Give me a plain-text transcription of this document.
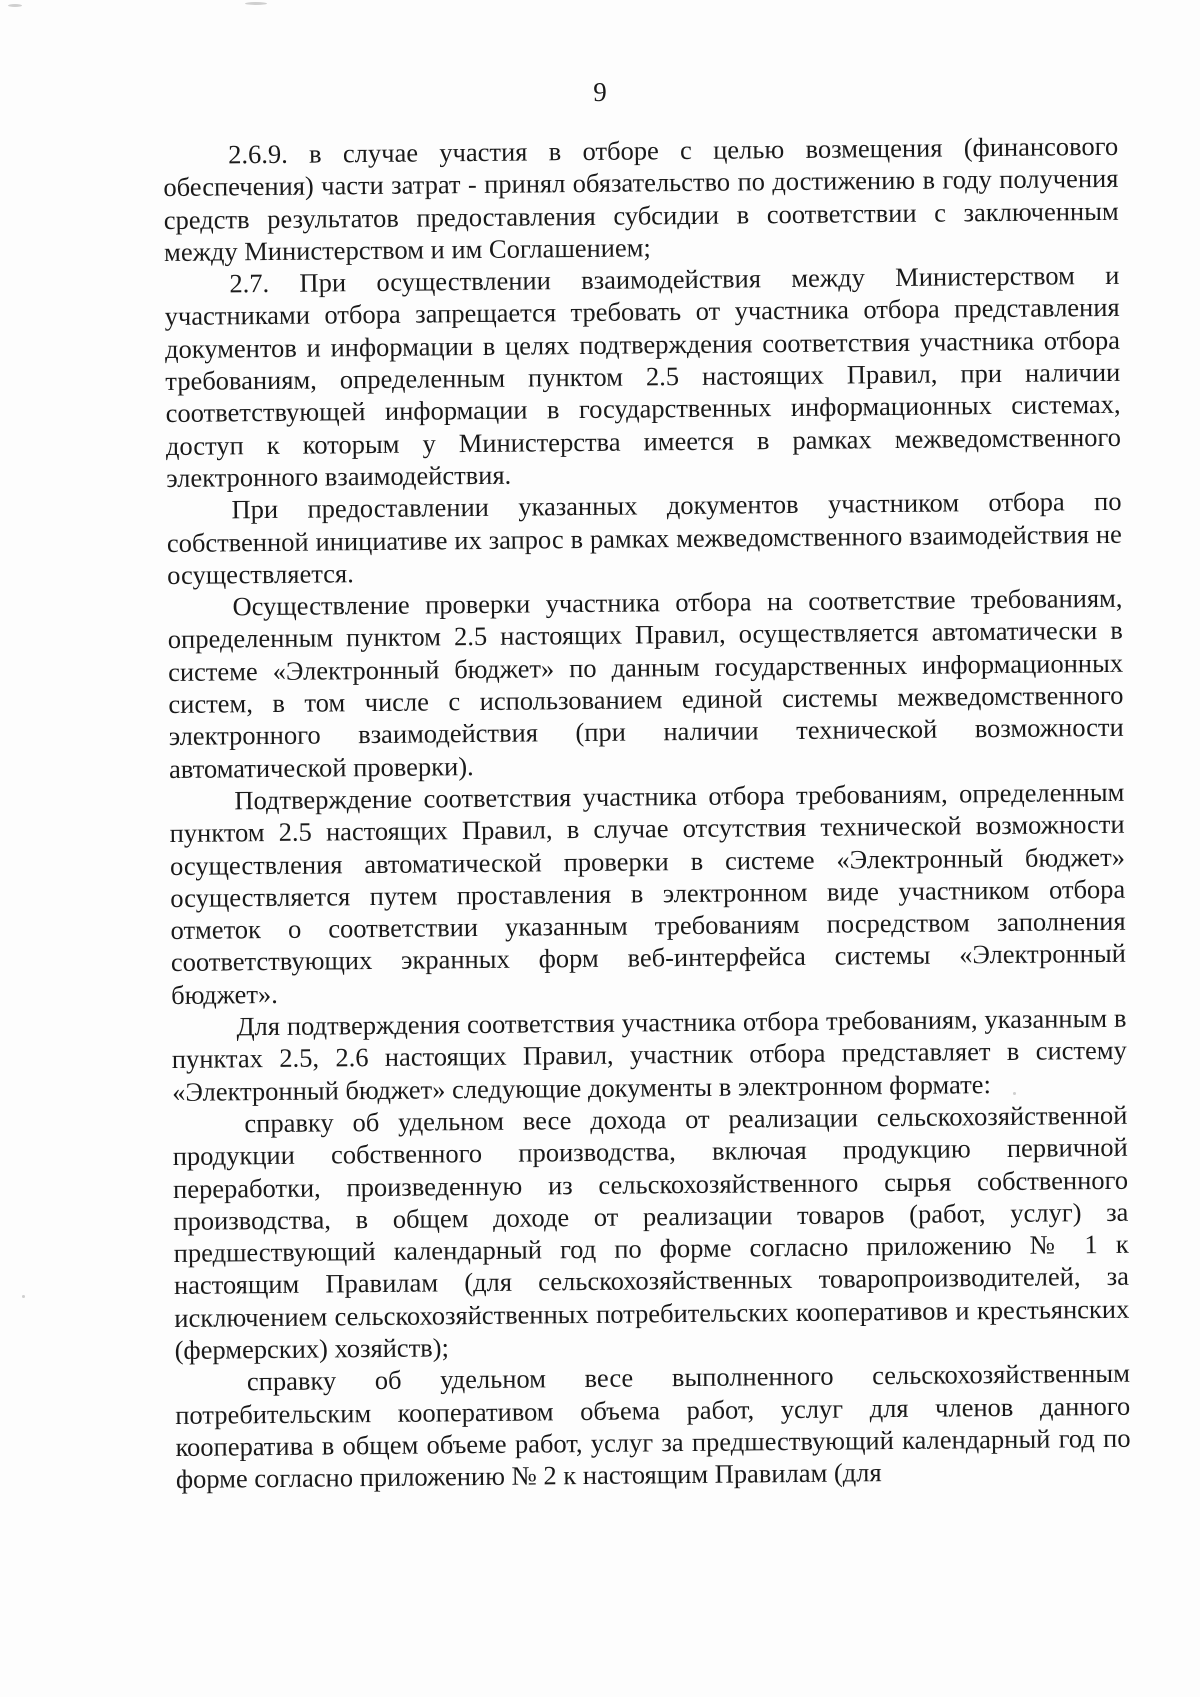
9

2.6.9. в случае участия в отборе с целью возмещения (финансового обеспечения) части затрат - принял обязательство по достижению в году получения средств результатов предоставления субсидии в соответствии с заключенным между Министерством и им Соглашением;

2.7. При осуществлении взаимодействия между Министерством и участниками отбора запрещается требовать от участника отбора представления документов и информации в целях подтверждения соответствия участника отбора требованиям, определенным пунктом 2.5 настоящих Правил, при наличии соответствующей информации в государственных информационных системах, доступ к которым у Министерства имеется в рамках межведомственного электронного взаимодействия.

При предоставлении указанных документов участником отбора по собственной инициативе их запрос в рамках межведомственного взаимодействия не осуществляется.

Осуществление проверки участника отбора на соответствие требованиям, определенным пунктом 2.5 настоящих Правил, осуществляется автоматически в системе «Электронный бюджет» по данным государственных информационных систем, в том числе с использованием единой системы межведомственного электронного взаимодействия (при наличии технической возможности автоматической проверки).

Подтверждение соответствия участника отбора требованиям, определенным пунктом 2.5 настоящих Правил, в случае отсутствия технической возможности осуществления автоматической проверки в системе «Электронный бюджет» осуществляется путем проставления в электронном виде участником отбора отметок о соответствии указанным требованиям посредством заполнения соответствующих экранных форм веб-интерфейса системы «Электронный бюджет».

Для подтверждения соответствия участника отбора требованиям, указанным в пунктах 2.5, 2.6 настоящих Правил, участник отбора представляет в систему «Электронный бюджет» следующие документы в электронном формате:

справку об удельном весе дохода от реализации сельскохозяйственной продукции собственного производства, включая продукцию первичной переработки, произведенную из сельскохозяйственного сырья собственного производства, в общем доходе от реализации товаров (работ, услуг) за предшествующий календарный год по форме согласно приложению № 1 к настоящим Правилам (для сельскохозяйственных товаропроизводителей, за исключением сельскохозяйственных потребительских кооперативов и крестьянских (фермерских) хозяйств);

справку об удельном весе выполненного сельскохозяйственным потребительским кооперативом объема работ, услуг для членов данного кооператива в общем объеме работ, услуг за предшествующий календарный год по форме согласно приложению № 2 к настоящим Правилам (для
